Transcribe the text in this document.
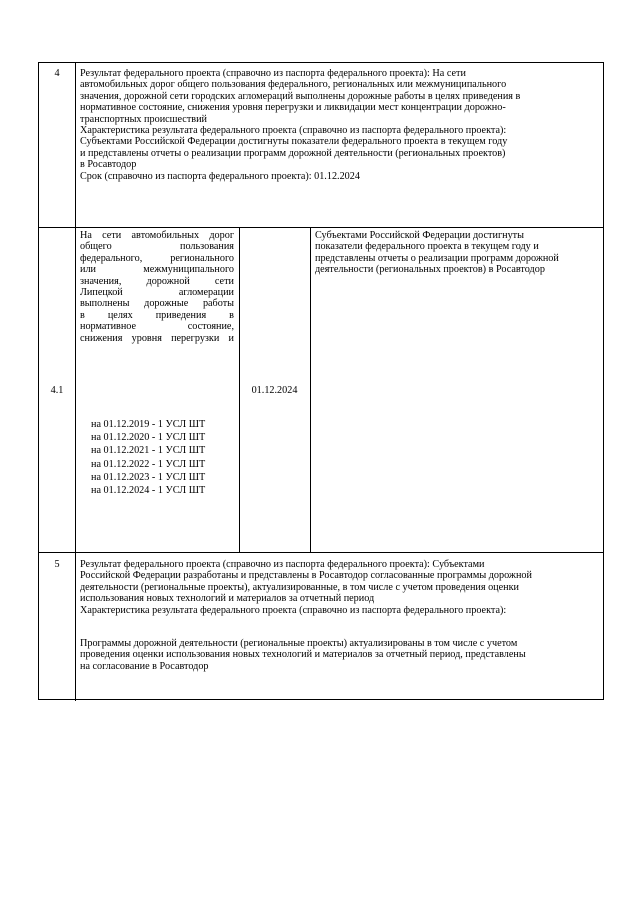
4	Результат федерального проекта (справочно из паспорта федерального проекта): На сети
автомобильных дорог общего пользования федерального, региональных или межмуниципального
значения, дорожной сети городских агломераций выполнены дорожные работы в целях приведения в
нормативное состояние, снижения уровня перегрузки и ликвидации мест концентрации дорожно-
транспортных происшествий
Характеристика результата федерального проекта (справочно из паспорта федерального проекта):
Субъектами Российской Федерации достигнуты показатели федерального проекта в текущем году
и представлены отчеты о реализации программ дорожной деятельности (региональных проектов)
в Росавтодор
Срок (справочно из паспорта федерального проекта): 01.12.2024
4.1
На сети автомобильных дорог
общего пользования
федерального, регионального
или межмуниципального
значения, дорожной сети
Липецкой агломерации
выполнены дорожные работы
в целях приведения в
нормативное состояние,
снижения уровня перегрузки и
на 01.12.2019 - 1 УСЛ ШТ
на 01.12.2020 - 1 УСЛ ШТ
на 01.12.2021 - 1 УСЛ ШТ
на 01.12.2022 - 1 УСЛ ШТ
на 01.12.2023 - 1 УСЛ ШТ
на 01.12.2024 - 1 УСЛ ШТ
01.12.2024
Субъектами Российской Федерации достигнуты
показатели федерального проекта в текущем году и
представлены отчеты о реализации программ дорожной
деятельности (региональных проектов) в Росавтодор
5	Результат федерального проекта (справочно из паспорта федерального проекта): Субъектами
Российской Федерации разработаны и представлены в Росавтодор согласованные программы дорожной
деятельности (региональные проекты), актуализированные, в том числе с учетом проведения оценки
использования новых технологий и материалов за отчетный период
Характеристика результата федерального проекта (справочно из паспорта федерального проекта):
Программы дорожной деятельности (региональные проекты) актуализированы в том числе с учетом
проведения оценки использования новых технологий и материалов за отчетный период, представлены
на согласование в Росавтодор
